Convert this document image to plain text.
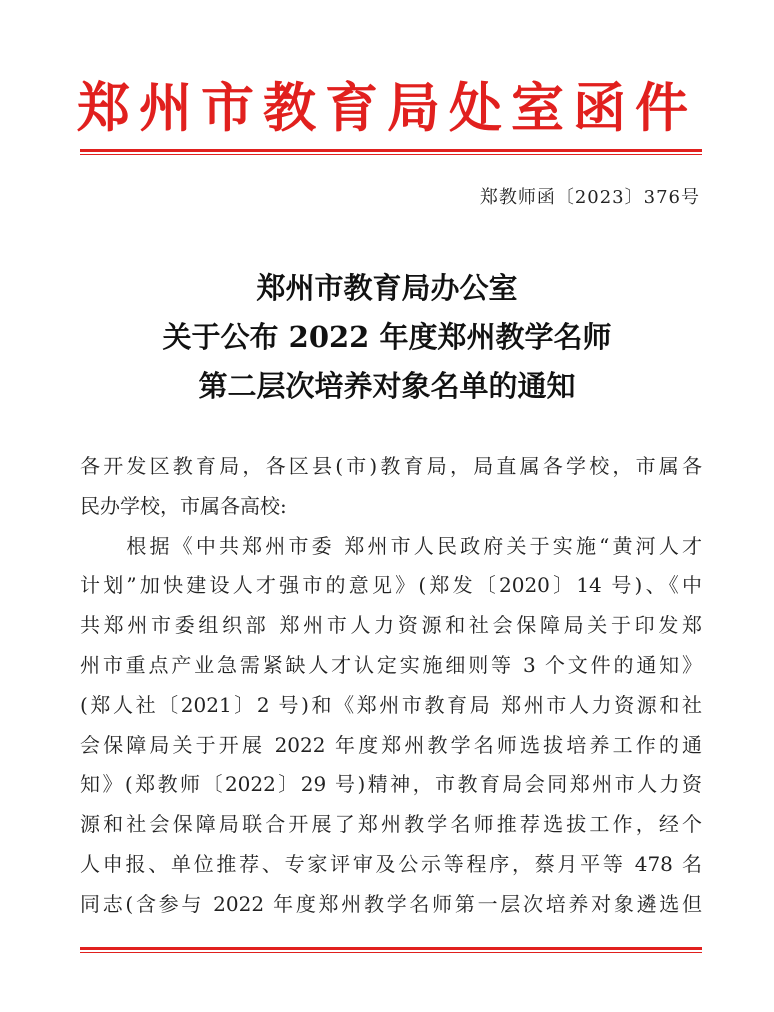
郑州市教育局处室函件
郑教师函〔2023〕376号
郑州市教育局办公室
关于公布 2022 年度郑州教学名师
第二层次培养对象名单的通知
各开发区教育局，各区县(市)教育局，局直属各学校，市属各
民办学校，市属各高校:
　　根据《中共郑州市委 郑州市人民政府关于实施“黄河人才
计划”加快建设人才强市的意见》(郑发〔2020〕14 号)、《中
共郑州市委组织部 郑州市人力资源和社会保障局关于印发郑
州市重点产业急需紧缺人才认定实施细则等 3 个文件的通知》
(郑人社〔2021〕2 号)和《郑州市教育局 郑州市人力资源和社
会保障局关于开展 2022 年度郑州教学名师选拔培养工作的通
知》(郑教师〔2022〕29 号)精神，市教育局会同郑州市人力资
源和社会保障局联合开展了郑州教学名师推荐选拔工作，经个
人申报、单位推荐、专家评审及公示等程序，蔡月平等 478 名
同志(含参与 2022 年度郑州教学名师第一层次培养对象遴选但
